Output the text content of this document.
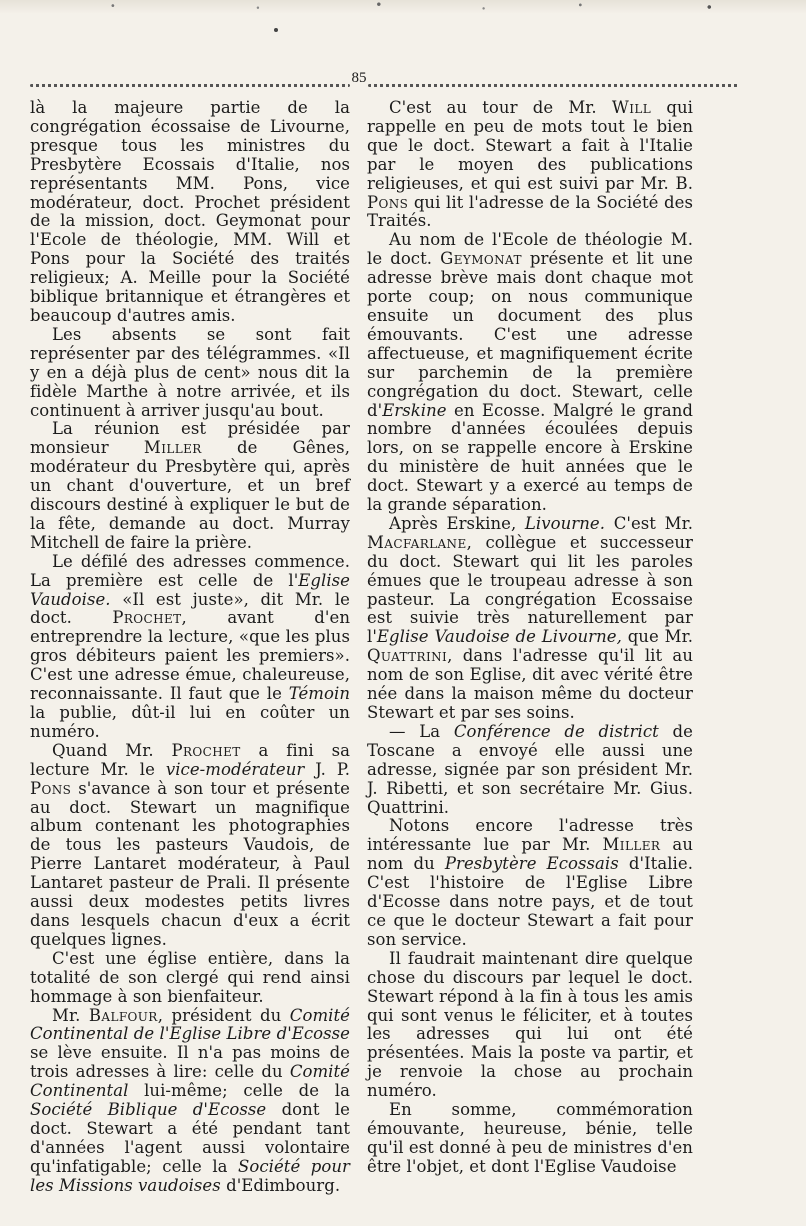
85

là la majeure partie de la congrégation écossaise de Livourne, presque tous les ministres du Presbytère Ecossais d'Italie, nos représentants MM. Pons, vice modérateur, doct. Prochet président de la mission, doct. Geymonat pour l'Ecole de théologie, MM. Will et Pons pour la Société des traités religieux; A. Meille pour la Société biblique britannique et étrangères et beaucoup d'autres amis.

Les absents se sont fait représenter par des télégrammes. «Il y en a déjà plus de cent» nous dit la fidèle Marthe à notre arrivée, et ils continuent à arriver jusqu'au bout.

La réunion est présidée par monsieur Miller de Gênes, modérateur du Presbytère qui, après un chant d'ouverture, et un bref discours destiné à expliquer le but de la fête, demande au doct. Murray Mitchell de faire la prière.

Le défilé des adresses commence. La première est celle de l'Eglise Vaudoise. «Il est juste», dit Mr. le doct. Prochet, avant d'en entreprendre la lecture, «que les plus gros débiteurs paient les premiers». C'est une adresse émue, chaleureuse, reconnaissante. Il faut que le Témoin la publie, dût-il lui en coûter un numéro.

Quand Mr. Prochet a fini sa lecture Mr. le vice-modérateur J. P. Pons s'avance à son tour et présente au doct. Stewart un magnifique album contenant les photographies de tous les pasteurs Vaudois, de Pierre Lantaret modérateur, à Paul Lantaret pasteur de Prali. Il présente aussi deux modestes petits livres dans lesquels chacun d'eux a écrit quelques lignes.

C'est une église entière, dans la totalité de son clergé qui rend ainsi hommage à son bienfaiteur.

Mr. Balfour, président du Comité Continental de l'Eglise Libre d'Ecosse se lève ensuite. Il n'a pas moins de trois adresses à lire: celle du Comité Continental lui-même; celle de la Société Biblique d'Ecosse dont le doct. Stewart a été pendant tant d'années l'agent aussi volontaire qu'infatigable; celle la Société pour les Missions vaudoises d'Edimbourg.

C'est au tour de Mr. Will qui rappelle en peu de mots tout le bien que le doct. Stewart a fait à l'Italie par le moyen des publications religieuses, et qui est suivi par Mr. B. Pons qui lit l'adresse de la Société des Traités.

Au nom de l'Ecole de théologie M. le doct. Geymonat présente et lit une adresse brève mais dont chaque mot porte coup; on nous communique ensuite un document des plus émouvants. C'est une adresse affectueuse, et magnifiquement écrite sur parchemin de la première congrégation du doct. Stewart, celle d'Erskine en Ecosse. Malgré le grand nombre d'années écoulées depuis lors, on se rappelle encore à Erskine du ministère de huit années que le doct. Stewart y a exercé au temps de la grande séparation.

Après Erskine, Livourne. C'est Mr. Macfarlane, collègue et successeur du doct. Stewart qui lit les paroles émues que le troupeau adresse à son pasteur. La congrégation Ecossaise est suivie très naturellement par l'Eglise Vaudoise de Livourne, que Mr. Quattrini, dans l'adresse qu'il lit au nom de son Eglise, dit avec vérité être née dans la maison même du docteur Stewart et par ses soins.

— La Conférence de district de Toscane a envoyé elle aussi une adresse, signée par son président Mr. J. Ribetti, et son secrétaire Mr. Gius. Quattrini.

Notons encore l'adresse très intéressante lue par Mr. Miller au nom du Presbytère Ecossais d'Italie. C'est l'histoire de l'Eglise Libre d'Ecosse dans notre pays, et de tout ce que le docteur Stewart a fait pour son service.

Il faudrait maintenant dire quelque chose du discours par lequel le doct. Stewart répond à la fin à tous les amis qui sont venus le féliciter, et à toutes les adresses qui lui ont été présentées. Mais la poste va partir, et je renvoie la chose au prochain numéro.

En somme, commémoration émouvante, heureuse, bénie, telle qu'il est donné à peu de ministres d'en être l'objet, et dont l'Eglise Vaudoise
